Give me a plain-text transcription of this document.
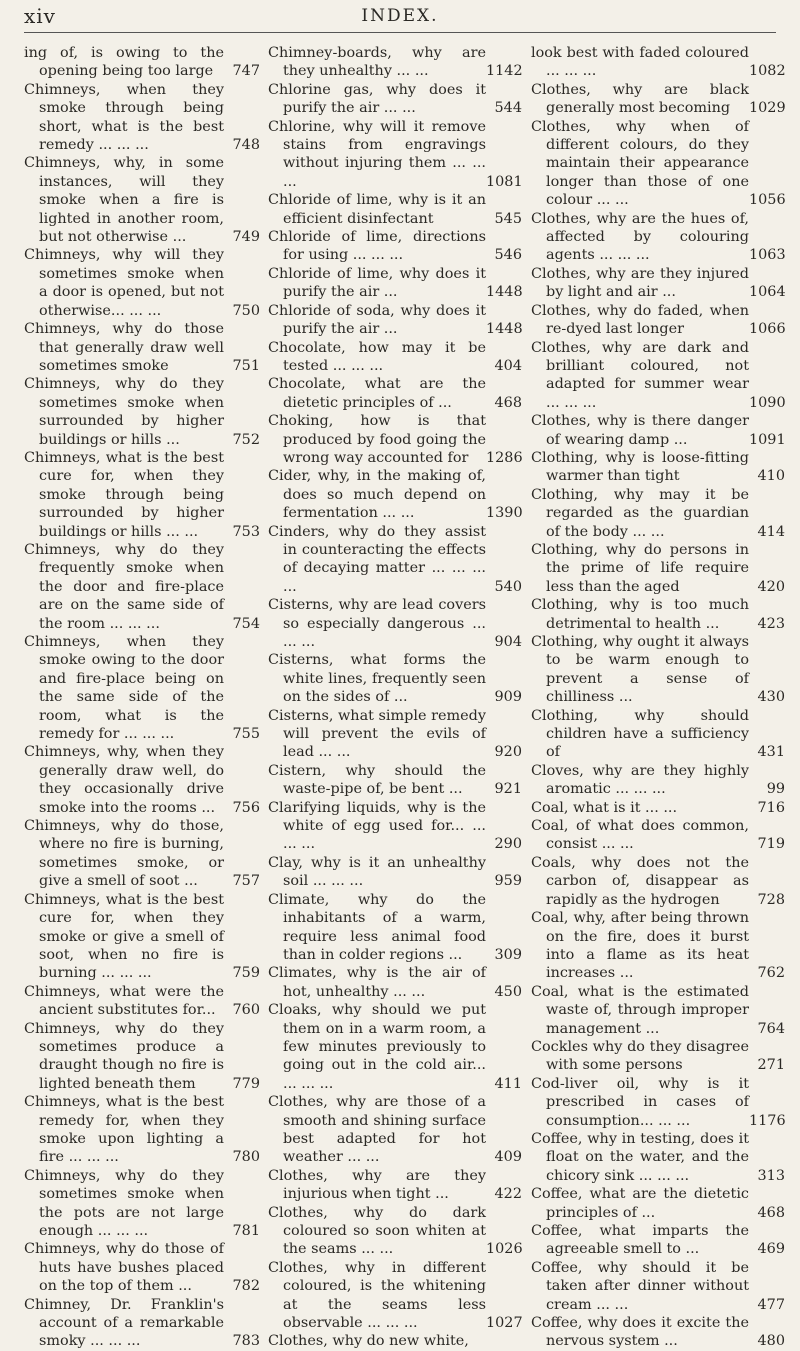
xiv	INDEX.

ing of, is owing to the opening being too large	747

Chimneys, when they smoke through being short, what is the best remedy ... ... ...	748

Chimneys, why, in some instances, will they smoke when a fire is lighted in another room, but not otherwise ...	749

Chimneys, why will they sometimes smoke when a door is opened, but not otherwise... ... ...	750

Chimneys, why do those that generally draw well sometimes smoke	751

Chimneys, why do they sometimes smoke when surrounded by higher buildings or hills ...	752

Chimneys, what is the best cure for, when they smoke through being surrounded by higher buildings or hills ... ...	753

Chimneys, why do they frequently smoke when the door and fire-place are on the same side of the room ... ... ...	754

Chimneys, when they smoke owing to the door and fire-place being on the same side of the room, what is the remedy for ... ... ...	755

Chimneys, why, when they generally draw well, do they occasionally drive smoke into the rooms ...	756

Chimneys, why do those, where no fire is burning, sometimes smoke, or give a smell of soot ...	757

Chimneys, what is the best cure for, when they smoke or give a smell of soot, when no fire is burning ... ... ...	759

Chimneys, what were the ancient substitutes for...	760

Chimneys, why do they sometimes produce a draught though no fire is lighted beneath them	779

Chimneys, what is the best remedy for, when they smoke upon lighting a fire ... ... ...	780

Chimneys, why do they sometimes smoke when the pots are not large enough ... ... ...	781

Chimneys, why do those of huts have bushes placed on the top of them ...	782

Chimney, Dr. Franklin's account of a remarkable smoky ... ... ...	783

Chimney-boards, why are they unhealthy ... ...	1142

Chlorine gas, why does it purify the air ... ...	544

Chlorine, why will it remove stains from engravings without injuring them ... ... ...	1081

Chloride of lime, why is it an efficient disinfectant	545

Chloride of lime, directions for using ... ... ...	546

Chloride of lime, why does it purify the air ...	1448

Chloride of soda, why does it purify the air ...	1448

Chocolate, how may it be tested ... ... ...	404

Chocolate, what are the dietetic principles of ...	468

Choking, how is that produced by food going the wrong way accounted for 1286

Cider, why, in the making of, does so much depend on fermentation ... ...	1390

Cinders, why do they assist in counteracting the effects of decaying matter ... ... ... ...	540

Cisterns, why are lead covers so especially dangerous ... ... ...	904

Cisterns, what forms the white lines, frequently seen on the sides of ...	909

Cisterns, what simple remedy will prevent the evils of lead ... ...	920

Cistern, why should the waste-pipe of, be bent ...	921

Clarifying liquids, why is the white of egg used for... ... ... ...	290

Clay, why is it an unhealthy soil ... ... ...	959

Climate, why do the inhabitants of a warm, require less animal food than in colder regions ...	309

Climates, why is the air of hot, unhealthy ... ...	450

Cloaks, why should we put them on in a warm room, a few minutes previously to going out in the cold air... ... ... ...	411

Clothes, why are those of a smooth and shining surface best adapted for hot weather ... ...	409

Clothes, why are they injurious when tight ...	422

Clothes, why do dark coloured so soon whiten at the seams ... ...	1026

Clothes, why in different coloured, is the whitening at the seams less observable ... ... ...	1027

Clothes, why do new white,

look best with faded coloured ... ... ...	1082

Clothes, why are black generally most becoming 1029

Clothes, why when of different colours, do they maintain their appearance longer than those of one colour ... ...	1056

Clothes, why are the hues of, affected by colouring agents ... ... ...	1063

Clothes, why are they injured by light and air ...	1064

Clothes, why do faded, when re-dyed last longer	1066

Clothes, why are dark and brilliant coloured, not adapted for summer wear ... ... ...	1090

Clothes, why is there danger of wearing damp ...	1091

Clothing, why is loose-fitting warmer than tight	410

Clothing, why may it be regarded as the guardian of the body ... ...	414

Clothing, why do persons in the prime of life require less than the aged	420

Clothing, why is too much detrimental to health ...	423

Clothing, why ought it always to be warm enough to prevent a sense of chilliness ...	430

Clothing, why should children have a sufficiency of	431

Cloves, why are they highly aromatic ... ... ...	99

Coal, what is it ... ...	716

Coal, of what does common, consist ... ...	719

Coals, why does not the carbon of, disappear as rapidly as the hydrogen	728

Coal, why, after being thrown on the fire, does it burst into a flame as its heat increases ...	762

Coal, what is the estimated waste of, through improper management ...	764

Cockles why do they disagree with some persons	271

Cod-liver oil, why is it prescribed in cases of consumption... ... ...	1176

Coffee, why in testing, does it float on the water, and the chicory sink ... ... ...	313

Coffee, what are the dietetic principles of ...	468

Coffee, what imparts the agreeable smell to ...	469

Coffee, why should it be taken after dinner without cream ... ...	477

Coffee, why does it excite the nervous system ...	480
